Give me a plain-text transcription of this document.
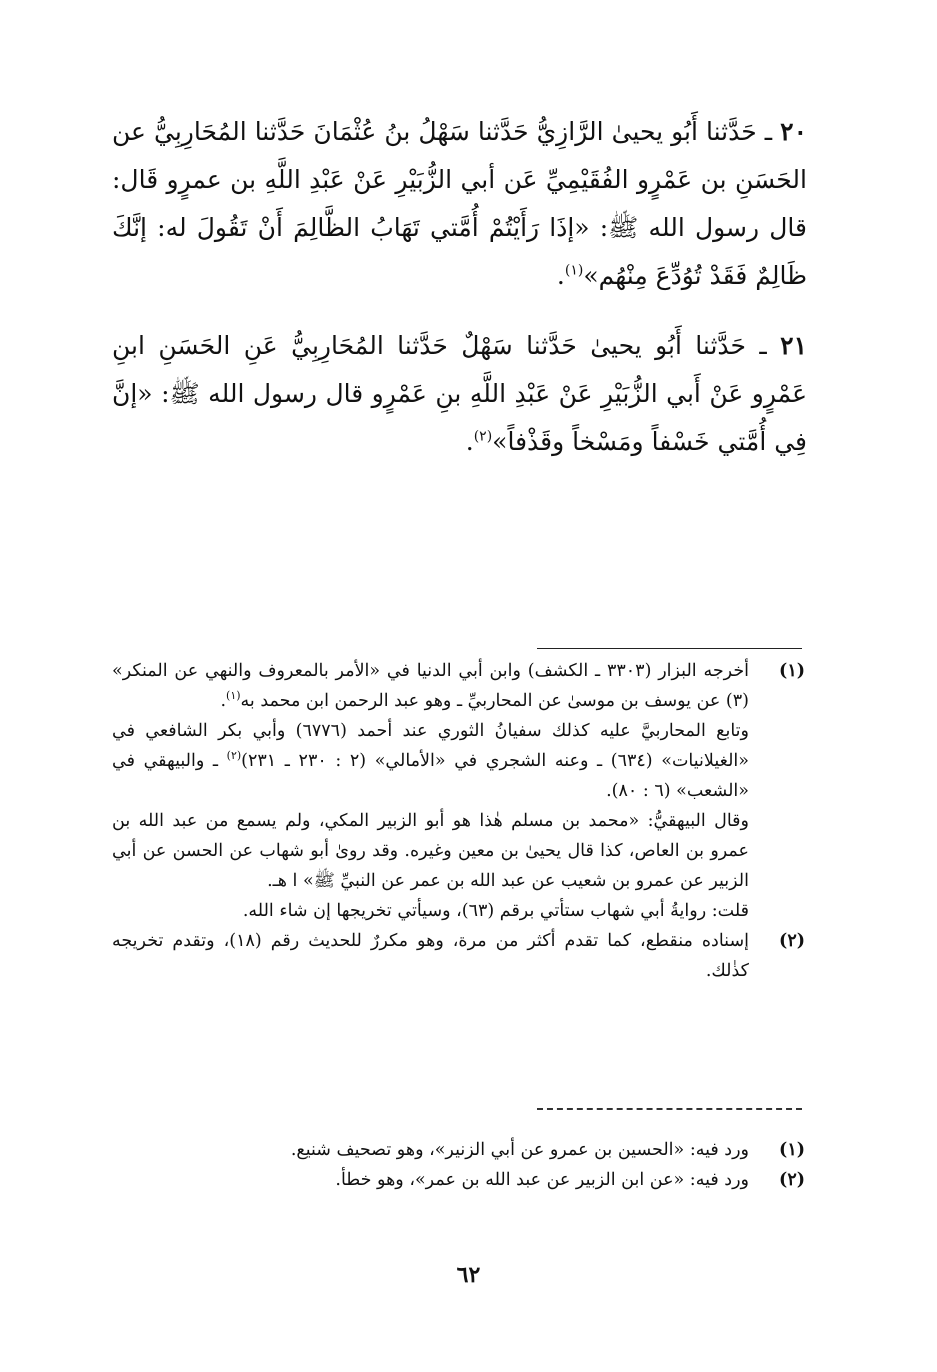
٢٠ ـ حَدَّثنا أَبُو يحيىٰ الرَّازِيُّ حَدَّثنا سَهْلُ بنُ عُثْمَانَ حَدَّثنا المُحَارِبِيُّ عن الحَسَنِ بن عَمْرٍو الفُقَيْمِيِّ عَن أبي الزُّبَيْرِ عَنْ عَبْدِ اللَّهِ بن عمرٍو قَال: قال رسول الله ﷺ: «إذَا رَأَيْتُمْ أُمَّتي تَهَابُ الظَّالِمَ أَنْ تَقُولَ له: إنَّكَ ظَالِمٌ فَقَدْ تُوُدِّعَ مِنْهُم»$^{(١)}$.
٢١ ـ حَدَّثنا أَبُو يحيىٰ حَدَّثنا سَهْلٌ حَدَّثنا المُحَارِبِيُّ عَنِ الحَسَنِ ابنِ عَمْرٍو عَنْ أَبي الزُّبَيْرِ عَنْ عَبْدِ اللَّهِ بنِ عَمْرٍو قال رسول الله ﷺ: «إنَّ فِي أُمَّتي خَسْفاً ومَسْخاً وقَذْفاً»$^{(٢)}$.
(١)

أخرجه البزار (٣٣٠٣ ـ الكشف) وابن أبي الدنيا في «الأمر بالمعروف والنهي عن المنكر» (٣) عن يوسف بن موسىٰ عن المحاربيِّ ـ وهو عبد الرحمن ابن محمد به$^{(١)}$.

وتابع المحاربيَّ عليه كذلك سفيانُ الثوري عند أحمد (٦٧٧٦) وأبي بكر الشافعي في «الغيلانيات» (٦٣٤) ـ وعنه الشجري في «الأمالي» (٢ : ٢٣٠ ـ ٢٣١)$^{(٢)}$ ـ والبيهقي في «الشعب» (٦ : ٨٠).

وقال البيهقيُّ: «محمد بن مسلم هٰذا هو أبو الزبير المكي، ولم يسمع من عبد الله بن عمرو بن العاص، كذا قال يحيىٰ بن معين وغيره. وقد روىٰ أبو شهاب عن الحسن عن أبي الزبير عن عمرو بن شعيب عن عبد الله بن عمر عن النبيِّ ﷺ» ا هـ.

قلت: روايةُ أبي شهاب ستأتي برقم (٦٣)، وسيأتي تخريجها إن شاء الله.

(٢)

إسناده منقطع، كما تقدم أكثر من مرة، وهو مكررٌ للحديث رقم (١٨)، وتقدم تخريجه كذٰلك.

(١)

ورد فيه: «الحسين بن عمرو عن أبي الزنير»، وهو تصحيف شنيع.

(٢)

ورد فيه: «عن ابن الزبير عن عبد الله بن عمر»، وهو خطأ.

٦٢
